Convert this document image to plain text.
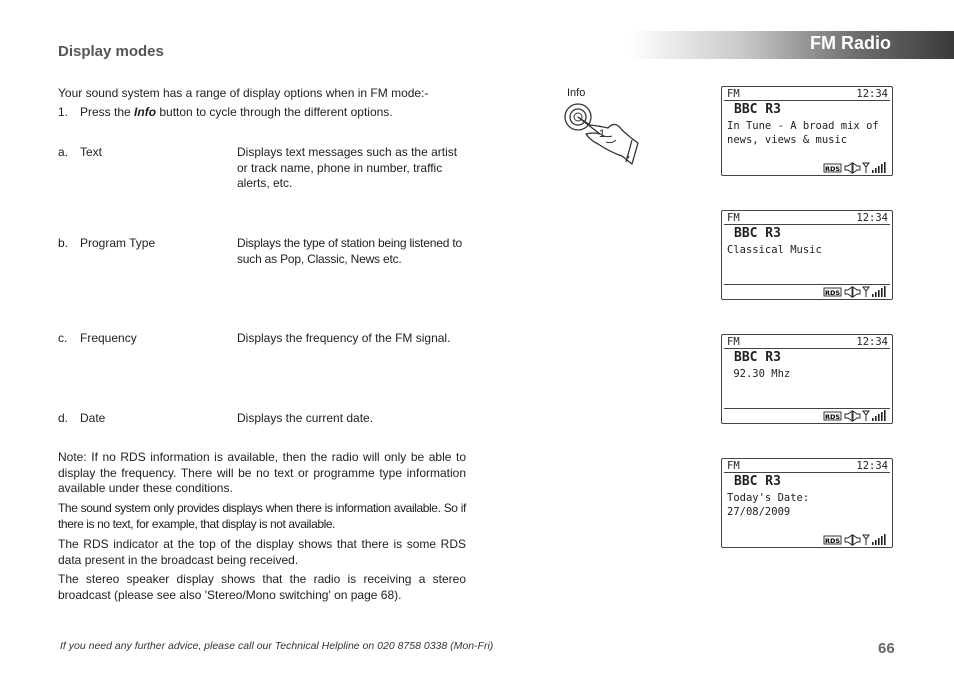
FM Radio
Display modes
Your sound system has a range of display options when in FM mode:-
1. Press the Info button to cycle through the different options.
a. Text	Displays text messages such as the artist or track name, phone in number, traffic alerts, etc.
b. Program Type	Displays the type of station being listened to such as Pop, Classic, News etc.
c. Frequency	Displays the frequency of the FM signal.
d. Date	Displays the current date.
Note: If no RDS information is available, then the radio will only be able to display the frequency. There will be no text or programme type information available under these conditions.
The sound system only provides displays when there is information available. So if there is no text, for example, that display is not available.
The RDS indicator at the top of the display shows that there is some RDS data present in the broadcast being received.
The stereo speaker display shows that the radio is receiving a stereo broadcast (please see also 'Stereo/Mono switching' on page 68).
Info
1
FM	12:34
BBC R3
In Tune - A broad mix of
news, views & music
RDS
FM	12:34
BBC R3
Classical Music
RDS
FM	12:34
BBC R3
92.30 Mhz
RDS
FM	12:34
BBC R3
Today's Date:
27/08/2009
RDS
If you need any further advice, please call our Technical Helpline on 020 8758 0338 (Mon-Fri)	66
